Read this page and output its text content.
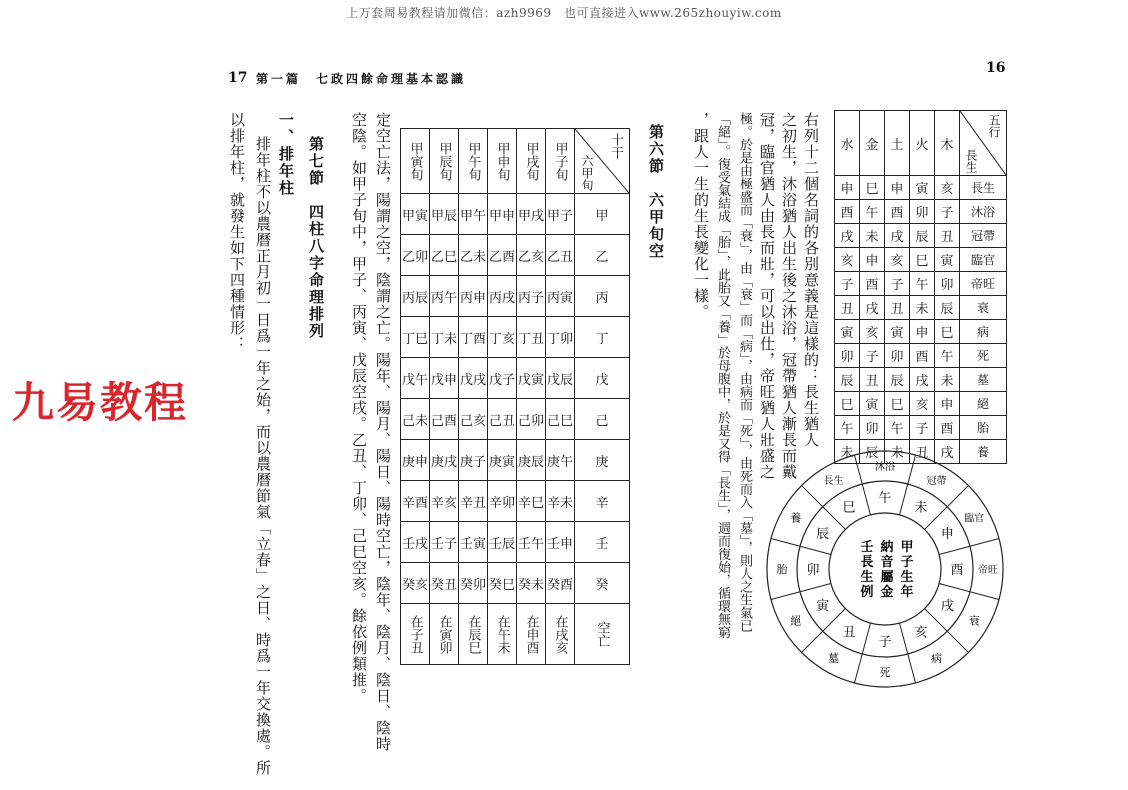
上万套周易教程请加微信：azh9969　也可直接进入www.265zhouyiw.com
17 第一篇　七政四餘命理基本認識
甲寅旬	甲辰旬	甲午旬	甲申旬	甲戌旬	甲子旬	十干
六甲旬

甲寅	甲辰	甲午	甲申	甲戌	甲子	甲
乙卯	乙巳	乙未	乙酉	乙亥	乙丑	乙
丙辰	丙午	丙申	丙戌	丙子	丙寅	丙
丁巳	丁未	丁酉	丁亥	丁丑	丁卯	丁
戊午	戊申	戊戌	戊子	戊寅	戊辰	戊
己未	己酉	己亥	己丑	己卯	己巳	己
庚申	庚戌	庚子	庚寅	庚辰	庚午	庚
辛酉	辛亥	辛丑	辛卯	辛巳	辛未	辛
壬戌	壬子	壬寅	壬辰	壬午	壬申	壬
癸亥	癸丑	癸卯	癸巳	癸未	癸酉	癸
在子丑	在寅卯	在辰巳	在午未	在申酉	在戌亥	空亡
定空亡法，陽謂之空，陰謂之亡。陽年、陽月、陽日、陽時空亡，陰年、陰月、陰日、陰時
空陰。如甲子旬中，甲子、丙寅、戊辰空戌。乙丑、丁卯、己巳空亥。餘依例類推。
第七節　四柱八字命理排列
一、排年柱
排年柱不以農曆正月初一日爲一年之始，而以農曆節氣「立春」之日、時爲一年交換處。所
以排年柱，就發生如下四種情形：
九易教程
16
水	金	土	火	木	五行
長生

申	巳	申	寅	亥	長生
酉	午	酉	卯	子	沐浴
戌	未	戌	辰	丑	冠帶
亥	申	亥	巳	寅	臨官
子	酉	子	午	卯	帝旺
丑	戌	丑	未	辰	衰
寅	亥	寅	申	巳	病
卯	子	卯	酉	午	死
辰	丑	辰	戌	未	墓
巳	寅	巳	亥	申	絕
午	卯	午	子	酉	胎
未	辰	未	丑	戌	養
右列十二個名詞的各別意義是這樣的：長生猶人
之初生，沐浴猶人出生後之沐浴，冠帶猶人漸長而戴
冠，臨官猶人由長而壯，可以出仕，帝旺猶人壯盛之
極。於是由極盛而「衰」，由「衰」而「病」，由病而「死」，由死而入「墓」，則人之生氣已
「絕」。復受氣結成「胎」，此胎又「養」於母腹中，於是又得「長生」，週而復始，循環無窮
，跟人一生的生長變化一樣。
第六節　六甲旬空
子
死
丑
墓
寅
絕
卯
胎
辰
養
巳
長生
午
沐浴
未
冠帶
申
臨官
酉 帝旺
戌
衰
亥
病
甲
子
生
年
納
音
屬
金
壬
長
生
例
